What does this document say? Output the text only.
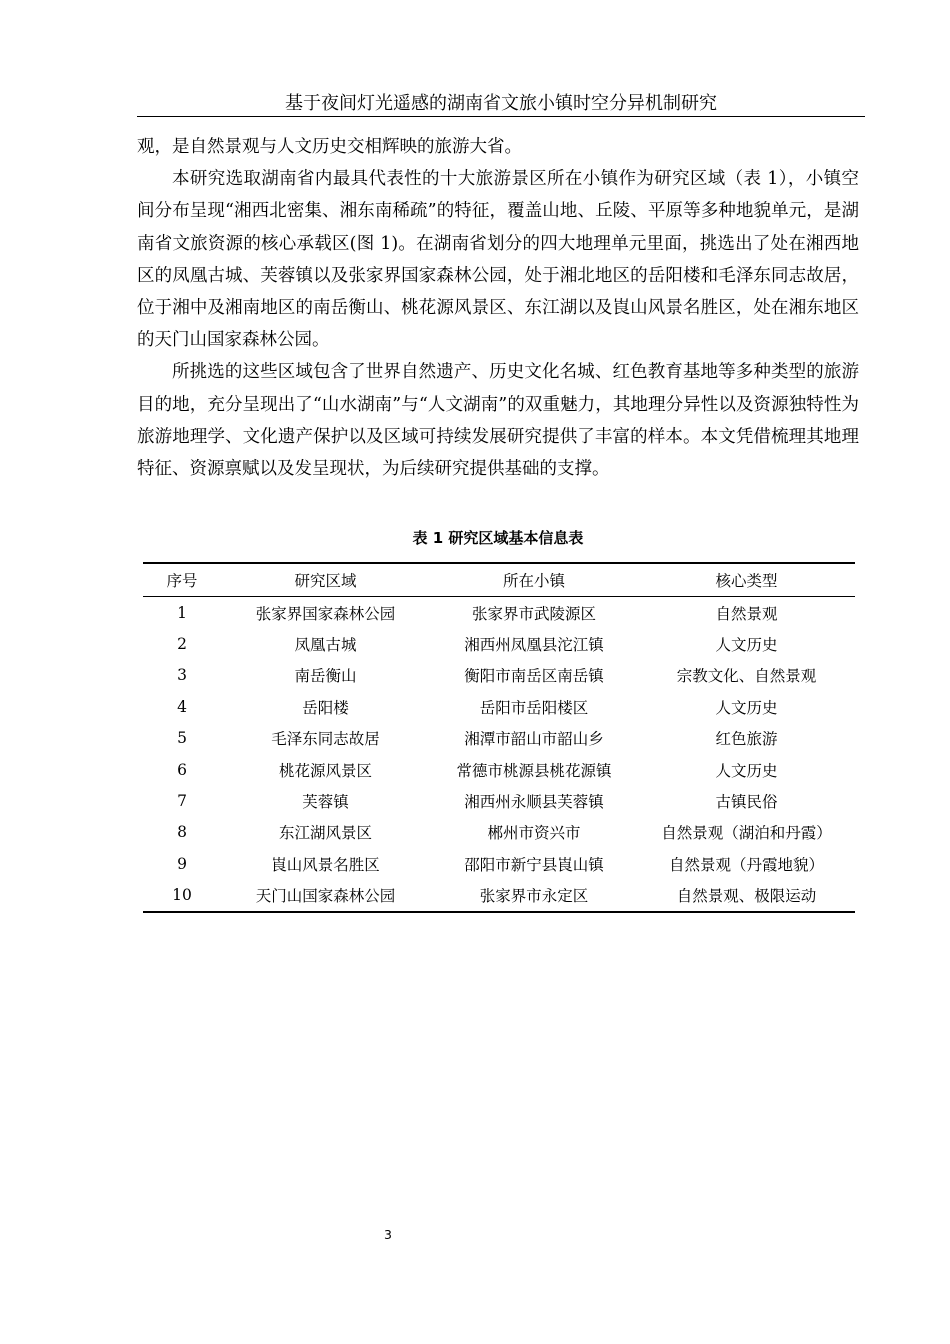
基于夜间灯光遥感的湖南省文旅小镇时空分异机制研究

观，是自然景观与人文历史交相辉映的旅游大省。

本研究选取湖南省内最具代表性的十大旅游景区所在小镇作为研究区域（表 1），小镇空间分布呈现“湘西北密集、湘东南稀疏”的特征，覆盖山地、丘陵、平原等多种地貌单元，是湖南省文旅资源的核心承载区(图 1)。在湖南省划分的四大地理单元里面，挑选出了处在湘西地区的凤凰古城、芙蓉镇以及张家界国家森林公园，处于湘北地区的岳阳楼和毛泽东同志故居，位于湘中及湘南地区的南岳衡山、桃花源风景区、东江湖以及崀山风景名胜区，处在湘东地区的天门山国家森林公园。

所挑选的这些区域包含了世界自然遗产、历史文化名城、红色教育基地等多种类型的旅游目的地，充分呈现出了“山水湖南”与“人文湖南”的双重魅力，其地理分异性以及资源独特性为旅游地理学、文化遗产保护以及区域可持续发展研究提供了丰富的样本。本文凭借梳理其地理特征、资源禀赋以及发呈现状，为后续研究提供基础的支撑。

表 1 研究区域基本信息表
序号	研究区域	所在小镇	核心类型
1	张家界国家森林公园	张家界市武陵源区	自然景观
2	凤凰古城	湘西州凤凰县沱江镇	人文历史
3	南岳衡山	衡阳市南岳区南岳镇	宗教文化、自然景观
4	岳阳楼	岳阳市岳阳楼区	人文历史
5	毛泽东同志故居	湘潭市韶山市韶山乡	红色旅游
6	桃花源风景区	常德市桃源县桃花源镇	人文历史
7	芙蓉镇	湘西州永顺县芙蓉镇	古镇民俗
8	东江湖风景区	郴州市资兴市	自然景观（湖泊和丹霞）
9	崀山风景名胜区	邵阳市新宁县崀山镇	自然景观（丹霞地貌）
10	天门山国家森林公园	张家界市永定区	自然景观、极限运动
3
